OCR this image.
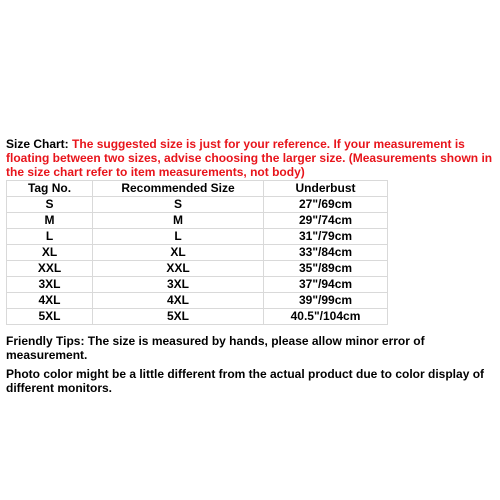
Size Chart: The suggested size is just for your reference. If your measurement is floating between two sizes, advise choosing the larger size. (Measurements shown in the size chart refer to item measurements, not body)

Tag No.	Recommended Size	Underbust
S	S	27"/69cm
M	M	29"/74cm
L	L	31"/79cm
XL	XL	33"/84cm
XXL	XXL	35"/89cm
3XL	3XL	37"/94cm
4XL	4XL	39"/99cm
5XL	5XL	40.5"/104cm

Friendly Tips: The size is measured by hands, please allow minor error of measurement.

Photo color might be a little different from the actual product due to color display of different monitors.
